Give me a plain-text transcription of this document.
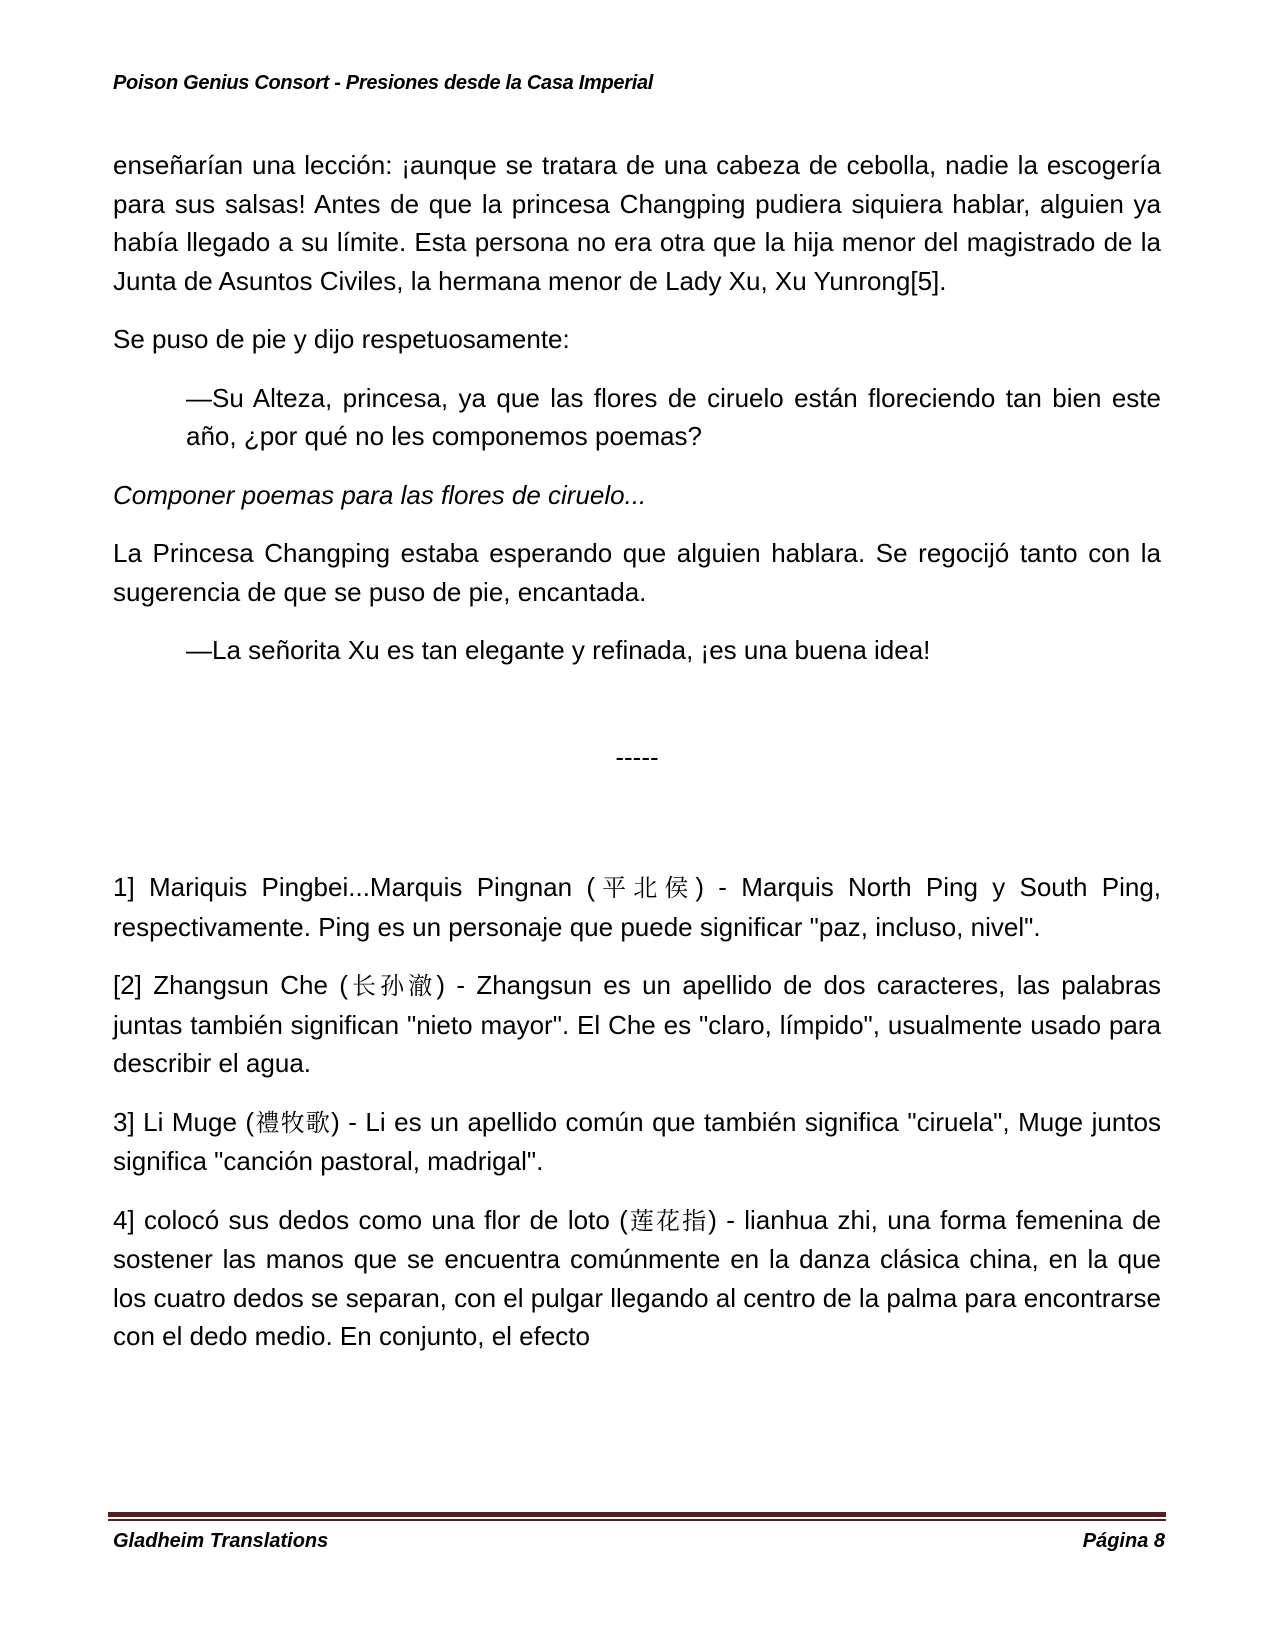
Poison Genius Consort - Presiones desde la Casa Imperial

enseñarían una lección: ¡aunque se tratara de una cabeza de cebolla, nadie la escogería para sus salsas! Antes de que la princesa Changping pudiera siquiera hablar, alguien ya había llegado a su límite. Esta persona no era otra que la hija menor del magistrado de la Junta de Asuntos Civiles, la hermana menor de Lady Xu, Xu Yunrong[5].

Se puso de pie y dijo respetuosamente:

—Su Alteza, princesa, ya que las flores de ciruelo están floreciendo tan bien este año, ¿por qué no les componemos poemas?

Componer poemas para las flores de ciruelo...

La Princesa Changping estaba esperando que alguien hablara. Se regocijó tanto con la sugerencia de que se puso de pie, encantada.

—La señorita Xu es tan elegante y refinada, ¡es una buena idea!

-----

1] Mariquis Pingbei...Marquis Pingnan (平北侯) - Marquis North Ping y South Ping, respectivamente. Ping es un personaje que puede significar "paz, incluso, nivel".

[2] Zhangsun Che (长孙澈) - Zhangsun es un apellido de dos caracteres, las palabras juntas también significan "nieto mayor". El Che es "claro, límpido", usualmente usado para describir el agua.

3] Li Muge (禮牧歌) - Li es un apellido común que también significa "ciruela", Muge juntos significa "canción pastoral, madrigal".

4] colocó sus dedos como una flor de loto (莲花指) - lianhua zhi, una forma femenina de sostener las manos que se encuentra comúnmente en la danza clásica china, en la que los cuatro dedos se separan, con el pulgar llegando al centro de la palma para encontrarse con el dedo medio. En conjunto, el efecto

Gladheim Translations	Página 8
